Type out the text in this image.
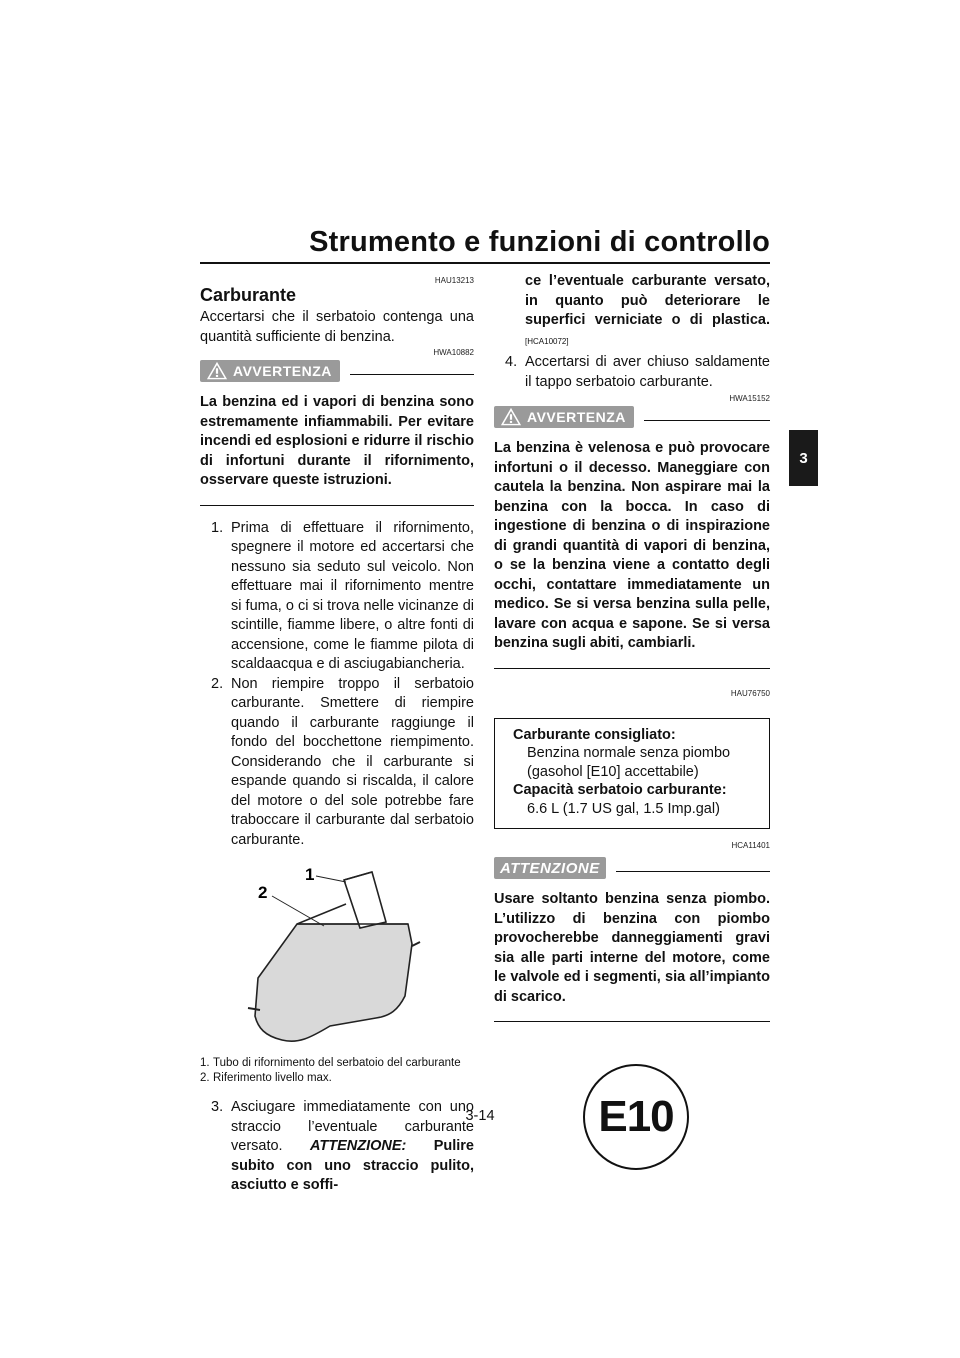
Strumento e funzioni di controllo
3
HAU13213
Carburante
Accertarsi che il serbatoio contenga una quantità sufficiente di benzina.
HWA10882
AVVERTENZA
La benzina ed i vapori di benzina sono estremamente infiammabili. Per evitare incendi ed esplosioni e ridurre il rischio di infortuni durante il rifornimento, osservare queste istruzioni.
1. Prima di effettuare il rifornimento, spegnere il motore ed accertarsi che nessuno sia seduto sul veicolo. Non effettuare mai il rifornimento mentre si fuma, o ci si trova nelle vicinanze di scintille, fiamme libere, o altre fonti di accensione, come le fiamme pilota di scaldaacqua e di asciugabiancheria.
2. Non riempire troppo il serbatoio carburante. Smettere di riempire quando il carburante raggiunge il fondo del bocchettone riempimento. Considerando che il carburante si espande quando si riscalda, il calore del motore o del sole potrebbe fare traboccare il carburante dal serbatoio carburante.
1
2
1. Tubo di rifornimento del serbatoio del carburante
2. Riferimento livello max.
3. Asciugare immediatamente con uno straccio l’eventuale carburante versato. ATTENZIONE: Pulire subito con uno straccio pulito, asciutto e soffi-
ce l’eventuale carburante versato, in quanto può deteriorare le superfici verniciate o di plastica. [HCA10072]
4. Accertarsi di aver chiuso saldamente il tappo serbatoio carburante.
HWA15152
AVVERTENZA
La benzina è velenosa e può provocare infortuni o il decesso. Maneggiare con cautela la benzina. Non aspirare mai la benzina con la bocca. In caso di ingestione di benzina o di inspirazione di grandi quantità di vapori di benzina, o se la benzina viene a contatto degli occhi, contattare immediatamente un medico. Se si versa benzina sulla pelle, lavare con acqua e sapone. Se si versa benzina sugli abiti, cambiarli.
HAU76750
Carburante consigliato:
Benzina normale senza piombo (gasohol [E10] accettabile)
Capacità serbatoio carburante:
6.6 L (1.7 US gal, 1.5 Imp.gal)
HCA11401
ATTENZIONE
Usare soltanto benzina senza piombo. L’utilizzo di benzina con piombo provocherebbe danneggiamenti gravi sia alle parti interne del motore, come le valvole ed i segmenti, sia all’impianto di scarico.
E10
3-14
